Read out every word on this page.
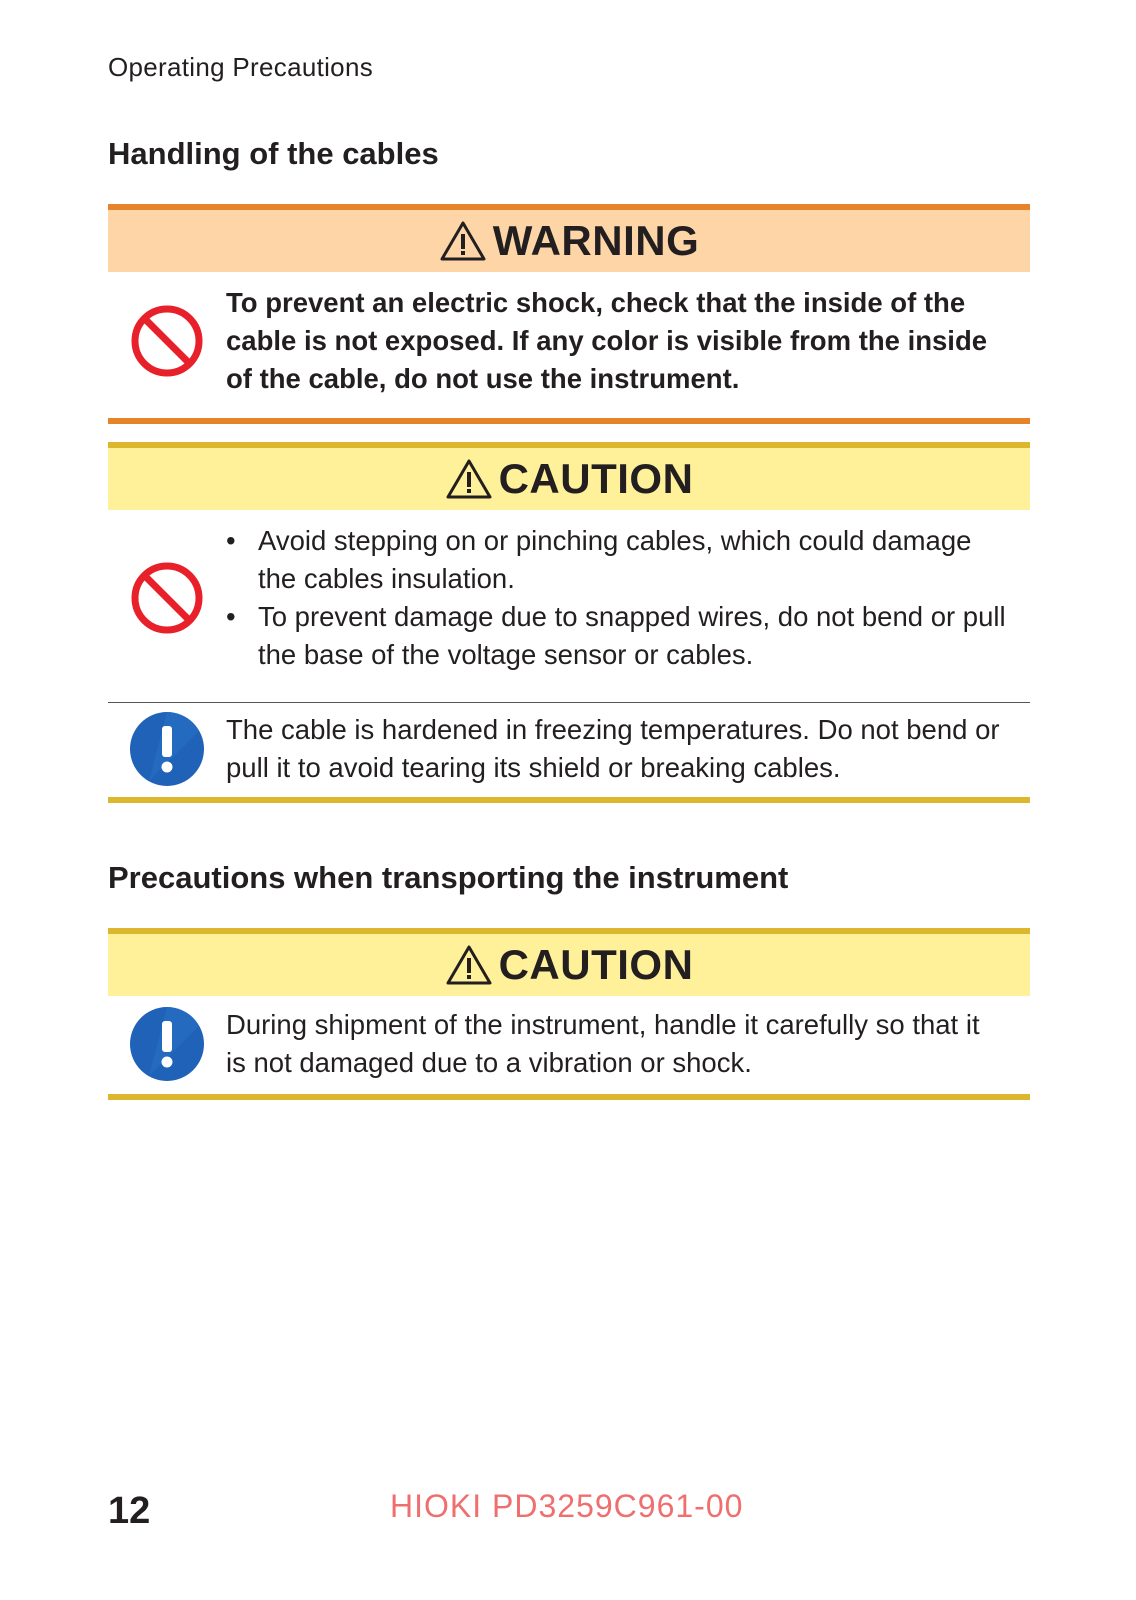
Operating Precautions
Handling of the cables
WARNING
To prevent an electric shock, check that the inside of the cable is not exposed. If any color is visible from the inside of the cable, do not use the instrument.
CAUTION
• Avoid stepping on or pinching cables, which could damage the cables insulation.
• To prevent damage due to snapped wires, do not bend or pull the base of the voltage sensor or cables.
The cable is hardened in freezing temperatures. Do not bend or pull it to avoid tearing its shield or breaking cables.
Precautions when transporting the instrument
CAUTION
During shipment of the instrument, handle it carefully so that it is not damaged due to a vibration or shock.
12	HIOKI PD3259C961-00
